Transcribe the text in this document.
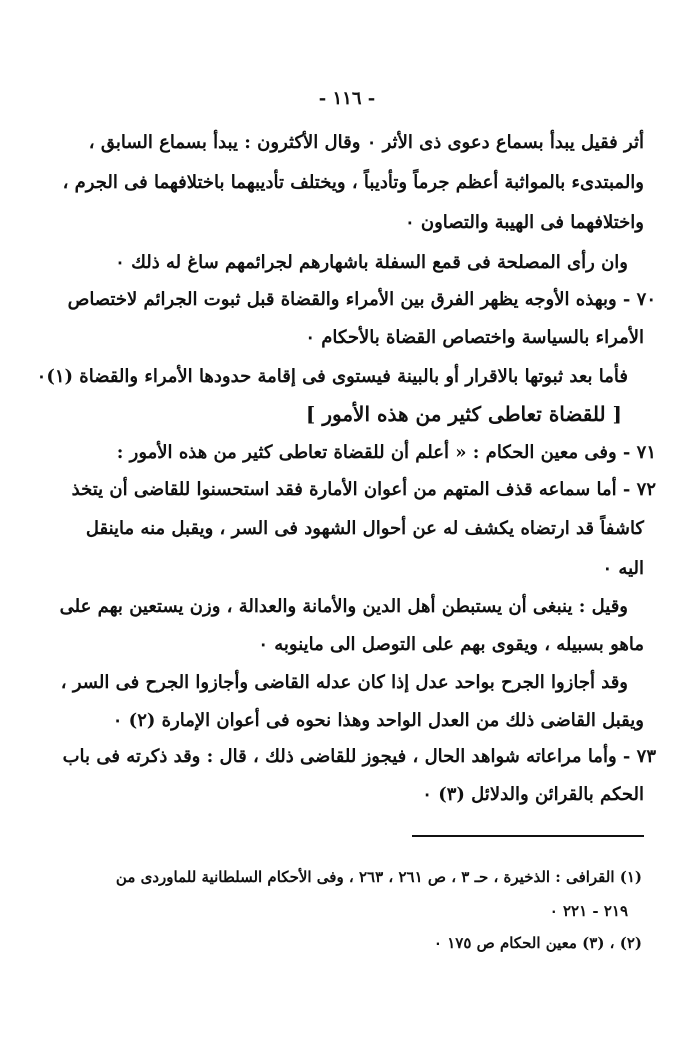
- ١١٦ -
أثر فقيل يبدأ بسماع دعوى ذى الأثر ٠ وقال الأكثرون : يبدأ بسماع السابق ،
والمبتدىء بالمواثبة أعظم جرماً وتأديباً ، ويختلف تأديبهما باختلافهما فى الجرم ،
واختلافهما فى الهيبة والتصاون ٠
وان رأى المصلحة فى قمع السفلة باشهارهم لجرائمهم ساغ له ذلك ٠
٧٠ - وبهذه الأوجه يظهر الفرق بين الأمراء والقضاة قبل ثبوت الجرائم لاختصاص
الأمراء بالسياسة واختصاص القضاة بالأحكام ٠
فأما بعد ثبوتها بالاقرار أو بالبينة فيستوى فى إقامة حدودها الأمراء والقضاة (١)٠
[ للقضاة تعاطى كثير من هذه الأمور ]
٧١ - وفى معين الحكام : « أعلم أن للقضاة تعاطى كثير من هذه الأمور :
٧٢ - أما سماعه قذف المتهم من أعوان الأمارة فقد استحسنوا للقاضى أن يتخذ
كاشفاً قد ارتضاه يكشف له عن أحوال الشهود فى السر ، ويقبل منه ماينقل
اليه ٠
وقيل : ينبغى أن يستبطن أهل الدين والأمانة والعدالة ، وزن يستعين بهم على
ماهو بسبيله ، ويقوى بهم على التوصل الى ماينوبه ٠
وقد أجازوا الجرح بواحد عدل إذا كان عدله القاضى وأجازوا الجرح فى السر ،
ويقبل القاضى ذلك من العدل الواحد وهذا نحوه فى أعوان الإمارة (٢) ٠
٧٣ - وأما مراعاته شواهد الحال ، فيجوز للقاضى ذلك ، قال : وقد ذكرته فى باب
الحكم بالقرائن والدلائل (٣) ٠
(١) القرافى : الذخيرة ، حـ ٣ ، ص ٢٦١ ، ٢٦٣ ، وفى الأحكام السلطانية للماوردى من
٢١٩ - ٢٢١ ٠
(٢) ، (٣) معين الحكام ص ١٧٥ ٠
